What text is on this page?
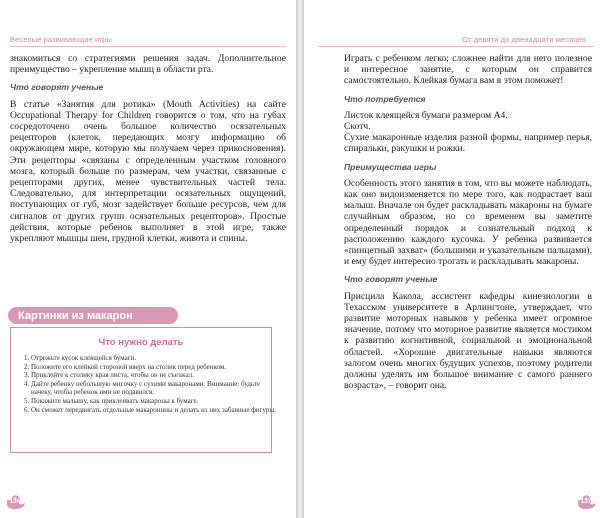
Веселые развивающие игры

знакомиться со стратегиями решения задач. Дополнительное преимущество – укрепление мышц в области рта.

Что говорят ученые

В статье «Занятия для ротика» (Mouth Activities) на сайте Occupational Therapy for Children говорится о том, что на губах сосредоточено очень большое количество осязательных рецепторов (клеток, передающих мозгу информацию об окружающем мире, которую мы получаем через прикосновения). Эти рецепторы «связаны с определенным участком головного мозга, который больше по размерам, чем участки, связанные с рецепторами других, менее чувствительных частей тела. Следовательно, для интерпретации осязательных ощущений, поступающих от губ, мозг задействует больше ресурсов, чем для сигналов от других групп осязательных рецепторов». Простые действия, которые ребенок выполняет в этой игре, также укрепляют мышцы шеи, грудной клетки, живота и спины.

Картинки из макарон
Что нужно делать
1. Отрежьте кусок клеящейся бумаги.
2. Положите его клейкой стороной вверх на столик перед ребенком.
3. Приклейте к столику края листа, чтобы он не съезжал.
4. Дайте ребенку небольшую мисочку с сухими макаронами. Внимание: будьте начеку, чтобы ребенок ими не подавился.
5. Покажите малышу, как приклеивать макароны к бумаге.
6. Он сможет передвигать отдельные макаронины и делать из них забавные фигуры.
136
От девяти до двенадцати месяцев

Играть с ребенком легко; сложнее найти для него полезное и интересное занятие, с которым он справится самостоятельно. Клейкая бумага вам в этом поможет!

Что потребуется

Листок клеящейся бумаги размером А4.

Скотч.

Сухие макаронные изделия разной формы, например перья, спиральки, ракушки и рожки.

Преимущества игры

Особенность этого занятия в том, что вы можете наблюдать, как оно видоизменяется по мере того, как подрастает ваш малыш. Вначале он будет раскладывать макароны на бумаге случайным образом, но со временем вы заметите определенный порядок и сознательный подход к расположению каждого кусочка. У ребенка развивается «пинцетный захват» (большими и указательным пальцами), и ему будет интересно трогать и раскладывать макароны.

Что говорят ученые

Присцила Какола, ассистент кафедры кинезиологии в Техасском университете в Арлингтоне, утверждает, что развитие моторных навыков у ребенка имеет огромное значение, потому что моторное развитие является мостиком к развитию когнитивной, социальной и эмоциональной областей. «Хорошие двигательные навыки являются залогом очень многих будущих успехов, поэтому родители должны уделять им большое внимание с самого раннего возраста», – говорит она.

137
